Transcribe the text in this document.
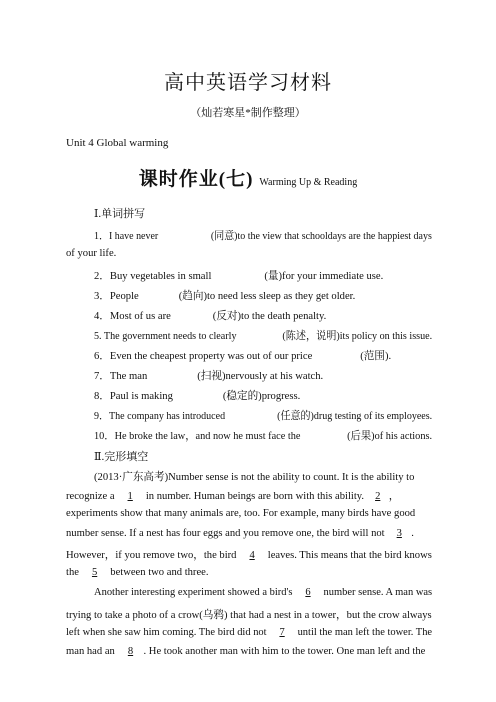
高中英语学习材料
（灿若寒星*制作整理）
Unit 4 Global warming
课时作业(七) Warming Up & Reading
Ⅰ.单词拼写
1．I have never	(同意)to the view that schooldays are the happiest days
of your life.
2．Buy vegetables in small	(量)for your immediate use.
3．People	(趋向)to need less sleep as they get older.
4．Most of us are	(反对)to the death penalty.
5. The government needs to clearly	(陈述，说明)its policy on this issue.
6．Even the cheapest property was out of our price	(范围).
7．The man	(扫视)nervously at his watch.
8．Paul is making	(稳定的)progress.
9．The company has introduced	(任意的)drug testing of its employees.
10．He broke the law，and now he must face the	(后果)of his actions.
Ⅱ.完形填空
(2013·广东高考)Number sense is not the ability to count. It is the ability to
recognize a 1 in number. Human beings are born with this ability. 2 ，
experiments show that many animals are, too. For example, many birds have good
number sense. If a nest has four eggs and you remove one, the bird will not 3 .
However，if you remove two，the bird 4 leaves. This means that the bird knows
the 5 between two and three.
Another interesting experiment showed a bird's 6 number sense. A man was
trying to take a photo of a crow(乌鸦) that had a nest in a tower，but the crow always
left when she saw him coming. The bird did not 7 until the man left the tower. The
man had an 8 . He took another man with him to the tower. One man left and the
